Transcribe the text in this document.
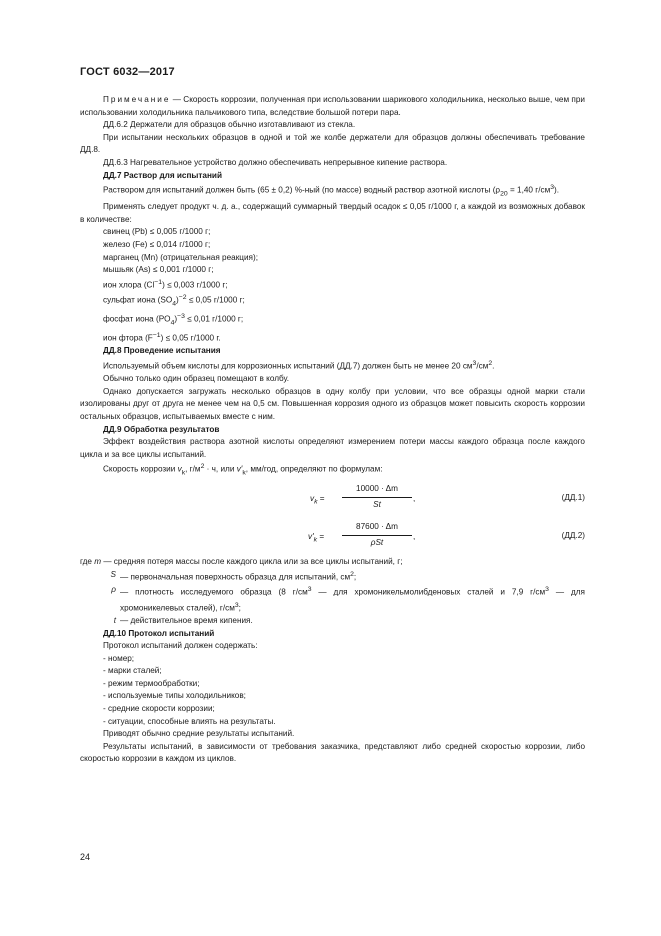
ГОСТ 6032—2017

Примечание — Скорость коррозии, полученная при использовании шарикового холодильника, несколько выше, чем при использовании холодильника пальчикового типа, вследствие большой потери пара.

ДД.6.2 Держатели для образцов обычно изготавливают из стекла.

При испытании нескольких образцов в одной и той же колбе держатели для образцов должны обеспечивать требование ДД.8.

ДД.6.3 Нагревательное устройство должно обеспечивать непрерывное кипение раствора.

ДД.7 Раствор для испытаний

Раствором для испытаний должен быть (65 ± 0,2) %-ный (по массе) водный раствор азотной кислоты ($\rho_{20} = 1,40$ $г/см^3$).

Применять следует продукт ч. д. а., содержащий суммарный твердый осадок ≤ 0,05 г/1000 г, а каждой из возможных добавок в количестве:

свинец (Pb) ≤ 0,005 г/1000 г;

железо (Fe) ≤ 0,014 г/1000 г;

марганец (Mn) (отрицательная реакция);

мышьяк (As) ≤ 0,001 г/1000 г;

ион хлора $(Cl^{-1}) \le 0,003$ г/1000 г;

сульфат иона $(SO_4)^{-2} \le 0,05$ г/1000 г;

фосфат иона $(PO_4)^{-3} \le 0,01$ г/1000 г;

ион фтора $(F^{-1}) \le 0,05$ г/1000 г.

ДД.8 Проведение испытания

Используемый объем кислоты для коррозионных испытаний (ДД.7) должен быть не менее 20 $см^3/см^2$.

Обычно только один образец помещают в колбу.

Однако допускается загружать несколько образцов в одну колбу при условии, что все образцы одной марки стали изолированы друг от друга не менее чем на 0,5 см. Повышенная коррозия одного из образцов может повысить скорость коррозии остальных образцов, испытываемых вместе с ним.

ДД.9 Обработка результатов

Эффект воздействия раствора азотной кислоты определяют измерением потери массы каждого образца после каждого цикла и за все циклы испытаний.

Скорость коррозии $v_k$, $г/м^2 \cdot ч$, или $v'_k$, мм/год, определяют по формулам:

$v_k = \frac{10000 \cdot \Delta m}{St}$ ,	(ДД.1)
$v'_k$ =
87600 · Δm
ρSt
,	(ДД.2)

где m — средняя потеря массы после каждого цикла или за все циклы испытаний, г;

S — первоначальная поверхность образца для испытаний, $см^2$;

ρ — плотность исследуемого образца (8 $г/см^3$ — для хромоникельмолибденовых сталей и 7,9 $г/см^3$ — для хромоникелевых сталей), $г/см^3$;

t — действительное время кипения.

ДД.10 Протокол испытаний

Протокол испытаний должен содержать:

- номер;

- марки сталей;

- режим термообработки;

- используемые типы холодильников;

- средние скорости коррозии;

- ситуации, способные влиять на результаты.

Приводят обычно средние результаты испытаний.

Результаты испытаний, в зависимости от требования заказчика, представляют либо средней скоростью коррозии, либо скоростью коррозии в каждом из циклов.

24
